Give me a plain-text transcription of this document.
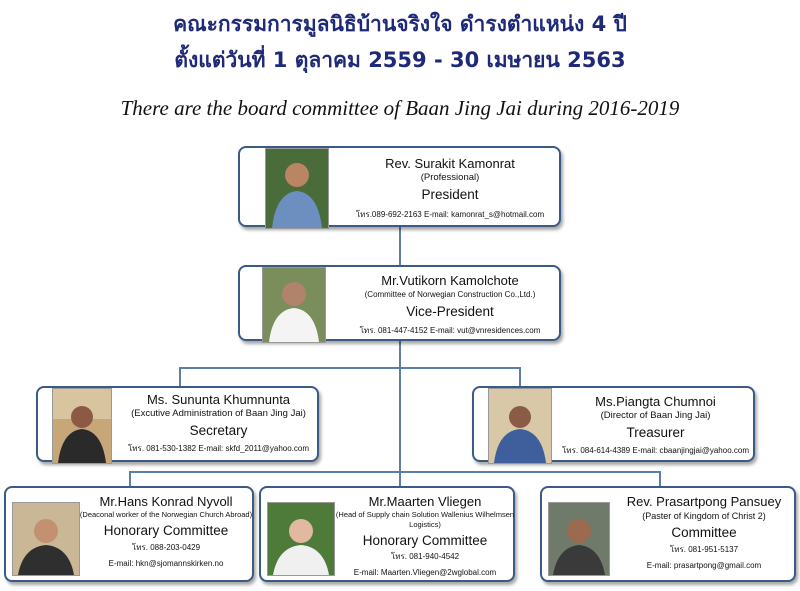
คณะกรรมการมูลนิธิบ้านจริงใจ ดำรงตำแหน่ง 4 ปี
ตั้งแต่วันที่ 1 ตุลาคม 2559 - 30 เมษายน 2563
There are the board committee of Baan Jing Jai during 2016-2019
Rev. Surakit Kamonrat
(Professional)
President
โทร.089-692-2163 E-mail: kamonrat_s@hotmail.com
Mr.Vutikorn Kamolchote
(Committee of Norwegian Construction Co.,Ltd.)
Vice-President
โทร. 081-447-4152 E-mail: vut@vnresidences.com
Ms. Sununta Khumnunta
(Excutive Administration of Baan Jing Jai)
Secretary
โทร. 081-530-1382 E-mail: skfd_2011@yahoo.com
Ms.Piangta Chumnoi
(Director of Baan Jing Jai)
Treasurer
โทร. 084-614-4389 E-mail: cbaanjingjai@yahoo.com
Mr.Hans Konrad Nyvoll
(Deaconal worker of the Norwegian Church Abroad)
Honorary Committee
โทร. 088-203-0429
E-mail: hkn@sjomannskirken.no
Mr.Maarten Vliegen
(Head of Supply chain Solution Wallenius Wilhelmsen Logistics)
Honorary Committee
โทร. 081-940-4542
E-mail: Maarten.Vliegen@2wglobal.com
Rev. Prasartpong Pansuey
(Paster of Kingdom of Christ 2)
Committee
โทร. 081-951-5137
E-mail: prasartpong@gmail.com
